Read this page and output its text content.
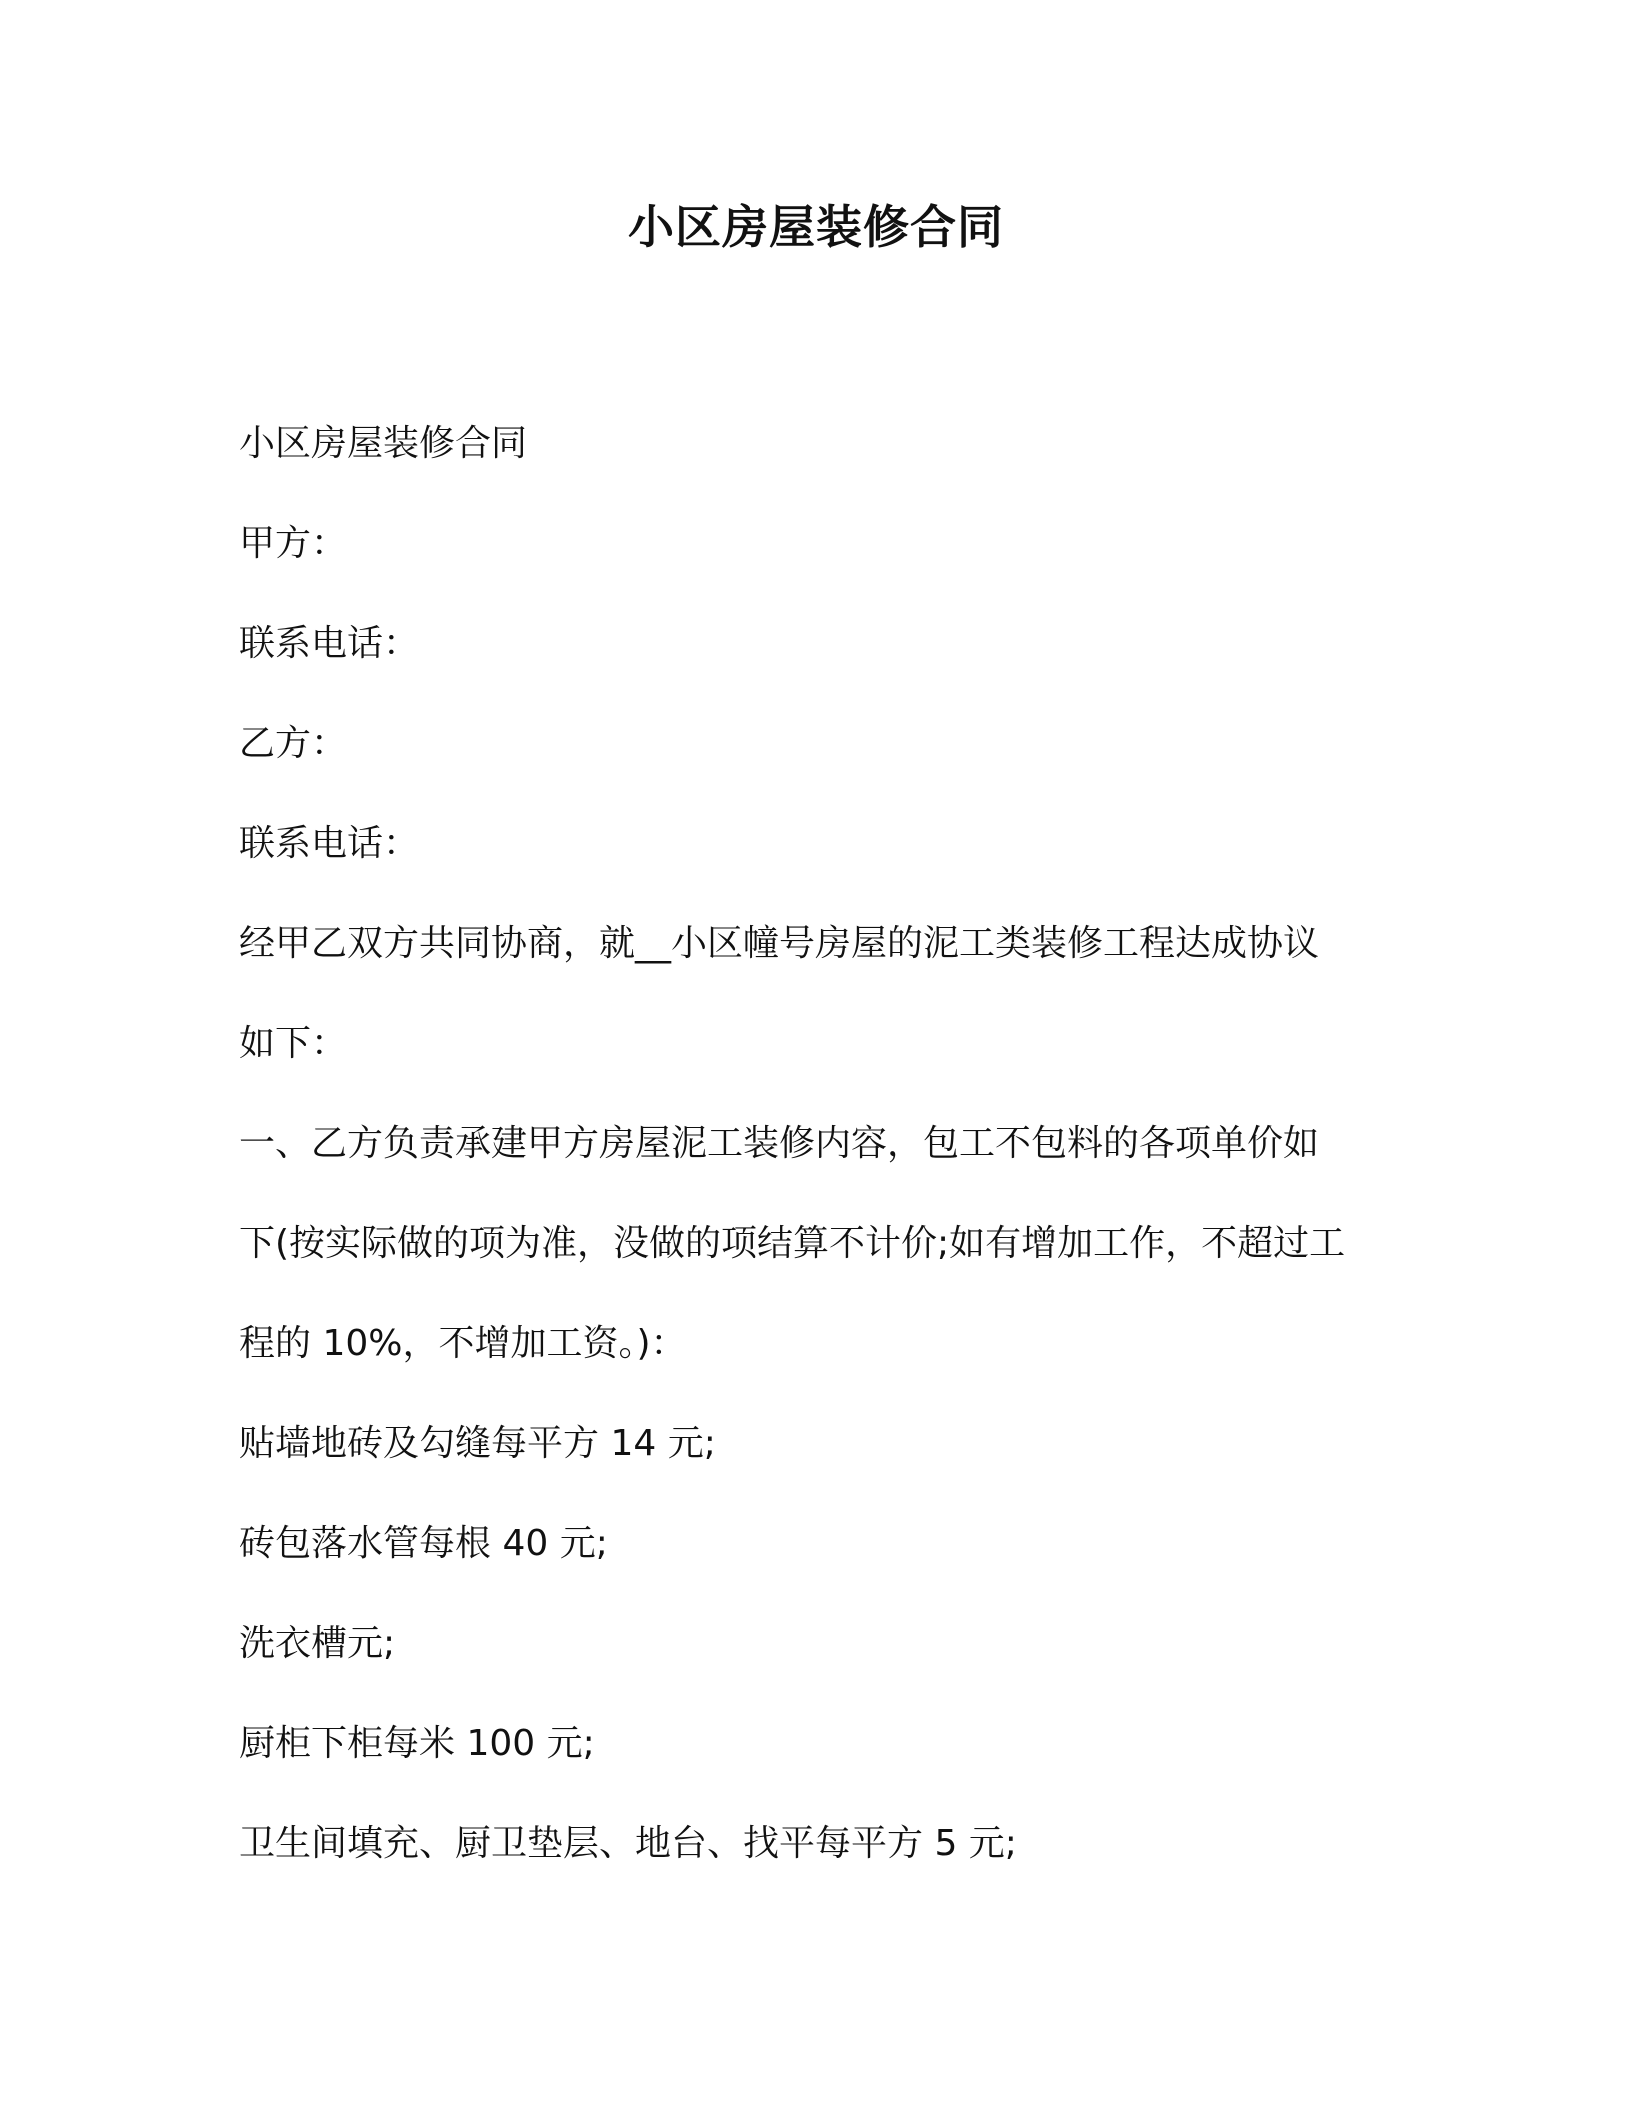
小区房屋装修合同
小区房屋装修合同
甲方：
联系电话：
乙方：
联系电话：
经甲乙双方共同协商，就__小区幢号房屋的泥工类装修工程达成协议
如下：
一、乙方负责承建甲方房屋泥工装修内容，包工不包料的各项单价如
下(按实际做的项为准，没做的项结算不计价;如有增加工作，不超过工
程的 10%，不增加工资。)：
贴墙地砖及勾缝每平方 14 元;
砖包落水管每根 40 元;
洗衣槽元;
厨柜下柜每米 100 元;
卫生间填充、厨卫垫层、地台、找平每平方 5 元;
